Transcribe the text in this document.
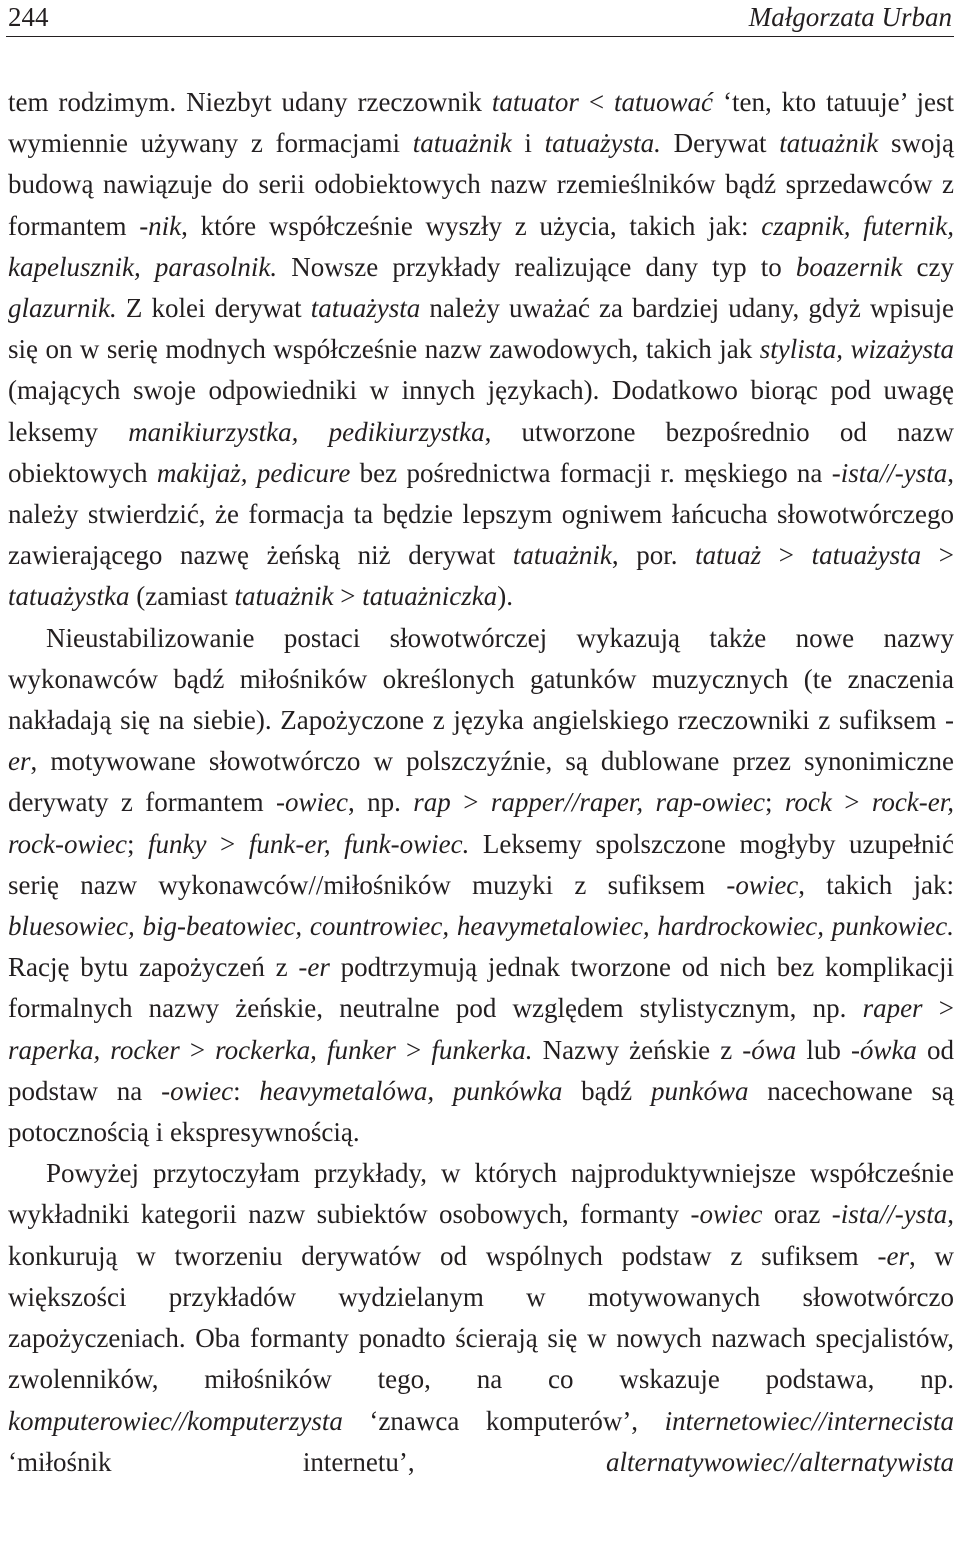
244	Małgorzata Urban

tem rodzimym. Niezbyt udany rzeczownik tatuator < tatuować ‘ten, kto tatuuje’ jest wymiennie używany z formacjami tatuażnik i tatuażysta. Derywat tatuażnik swoją budową nawiązuje do serii odobiektowych nazw rzemieślników bądź sprzedawców z formantem -nik, które współcześnie wyszły z użycia, takich jak: czapnik, futernik, kapelusznik, parasolnik. Nowsze przykłady realizujące dany typ to boazernik czy glazurnik. Z kolei derywat tatuażysta należy uważać za bardziej udany, gdyż wpisuje się on w serię modnych współcześnie nazw zawodowych, takich jak stylista, wizażysta (mających swoje odpowiedniki w innych językach). Dodatkowo biorąc pod uwagę leksemy manikiurzystka, pedikiurzystka, utworzone bezpośrednio od nazw obiektowych makijaż, pedicure bez pośrednictwa formacji r. męskiego na -ista//-ysta, należy stwierdzić, że formacja ta będzie lepszym ogniwem łańcucha słowotwórczego zawierającego nazwę żeńską niż derywat tatuażnik, por. tatuaż > tatuażysta > tatuażystka (zamiast tatuażnik > tatuażniczka).

Nieustabilizowanie postaci słowotwórczej wykazują także nowe nazwy wykonawców bądź miłośników określonych gatunków muzycznych (te znaczenia nakładają się na siebie). Zapożyczone z języka angielskiego rzeczowniki z sufiksem -er, motywowane słowotwórczo w polszczyźnie, są dublowane przez synonimiczne derywaty z formantem -owiec, np. rap > rapper//raper, rap-owiec; rock > rock-er, rock-owiec; funky > funk-er, funk-owiec. Leksemy spolszczone mogłyby uzupełnić serię nazw wykonawców//miłośników muzyki z sufiksem -owiec, takich jak: bluesowiec, big-beatowiec, countrowiec, heavymetalowiec, hardrockowiec, punkowiec. Rację bytu zapożyczeń z -er podtrzymują jednak tworzone od nich bez komplikacji formalnych nazwy żeńskie, neutralne pod względem stylistycznym, np. raper > raperka, rocker > rockerka, funker > funkerka. Nazwy żeńskie z -ówa lub -ówka od podstaw na -owiec: heavymetalówa, punkówka bądź punkówa nacechowane są potocznością i ekspresywnością.

Powyżej przytoczyłam przykłady, w których najproduktywniejsze współcześnie wykładniki kategorii nazw subiektów osobowych, formanty -owiec oraz -ista//-ysta, konkurują w tworzeniu derywatów od wspólnych podstaw z sufiksem -er, w większości przykładów wydzielanym w motywowanych słowotwórczo zapożyczeniach. Oba formanty ponadto ścierają się w nowych nazwach specjalistów, zwolenników, miłośników tego, na co wskazuje podstawa, np. komputerowiec//komputerzysta ‘znawca komputerów’, internetowiec//internecista ‘miłośnik internetu’, alternatywowiec//alternatywista
